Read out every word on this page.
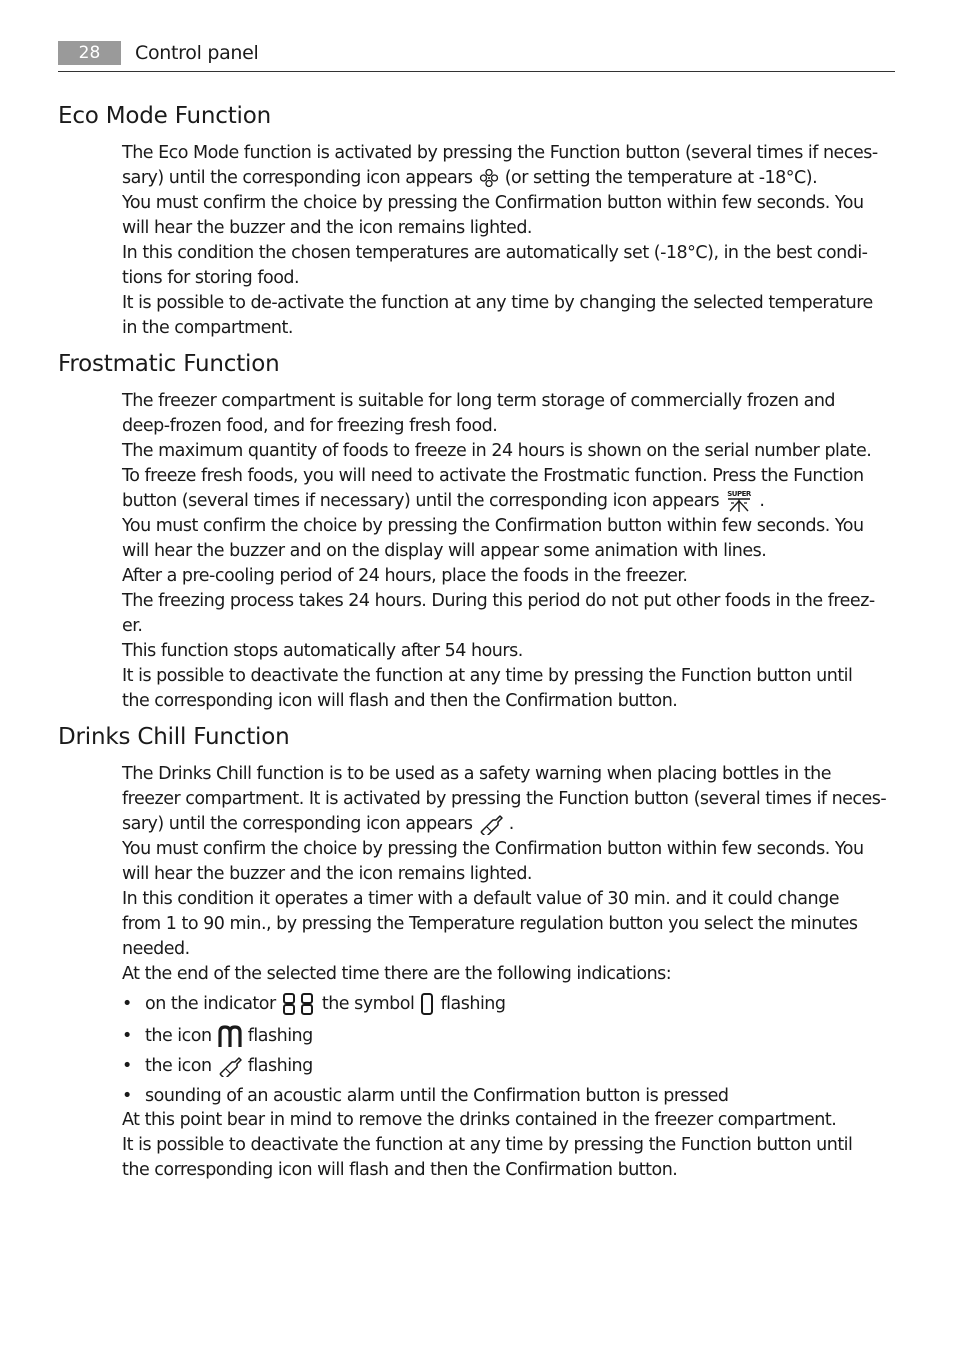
28	Control panel
Eco Mode Function
The Eco Mode function is activated by pressing the Function button (several times if neces-
sary) until the corresponding icon appears (or setting the temperature at -18°C).
You must confirm the choice by pressing the Confirmation button within few seconds. You
will hear the buzzer and the icon remains lighted.
In this condition the chosen temperatures are automatically set (-18°C), in the best condi-
tions for storing food.
It is possible to de-activate the function at any time by changing the selected temperature
in the compartment.
Frostmatic Function
The freezer compartment is suitable for long term storage of commercially frozen and
deep-frozen food, and for freezing fresh food.
The maximum quantity of foods to freeze in 24 hours is shown on the serial number plate.
To freeze fresh foods, you will need to activate the Frostmatic function. Press the Function
button (several times if necessary) until the corresponding icon appears SUPER .
You must confirm the choice by pressing the Confirmation button within few seconds. You
will hear the buzzer and on the display will appear some animation with lines.
After a pre-cooling period of 24 hours, place the foods in the freezer.
The freezing process takes 24 hours. During this period do not put other foods in the freez-
er.
This function stops automatically after 54 hours.
It is possible to deactivate the function at any time by pressing the Function button until
the corresponding icon will flash and then the Confirmation button.
Drinks Chill Function
The Drinks Chill function is to be used as a safety warning when placing bottles in the
freezer compartment. It is activated by pressing the Function button (several times if neces-
sary) until the corresponding icon appears .
You must confirm the choice by pressing the Confirmation button within few seconds. You
will hear the buzzer and the icon remains lighted.
In this condition it operates a timer with a default value of 30 min. and it could change
from 1 to 90 min., by pressing the Temperature regulation button you select the minutes
needed.
At the end of the selected time there are the following indications:
• on the indicator	the symbol flashing
• the icon flashing
• the icon flashing
• sounding of an acoustic alarm until the Confirmation button is pressed
At this point bear in mind to remove the drinks contained in the freezer compartment.
It is possible to deactivate the function at any time by pressing the Function button until
the corresponding icon will flash and then the Confirmation button.
